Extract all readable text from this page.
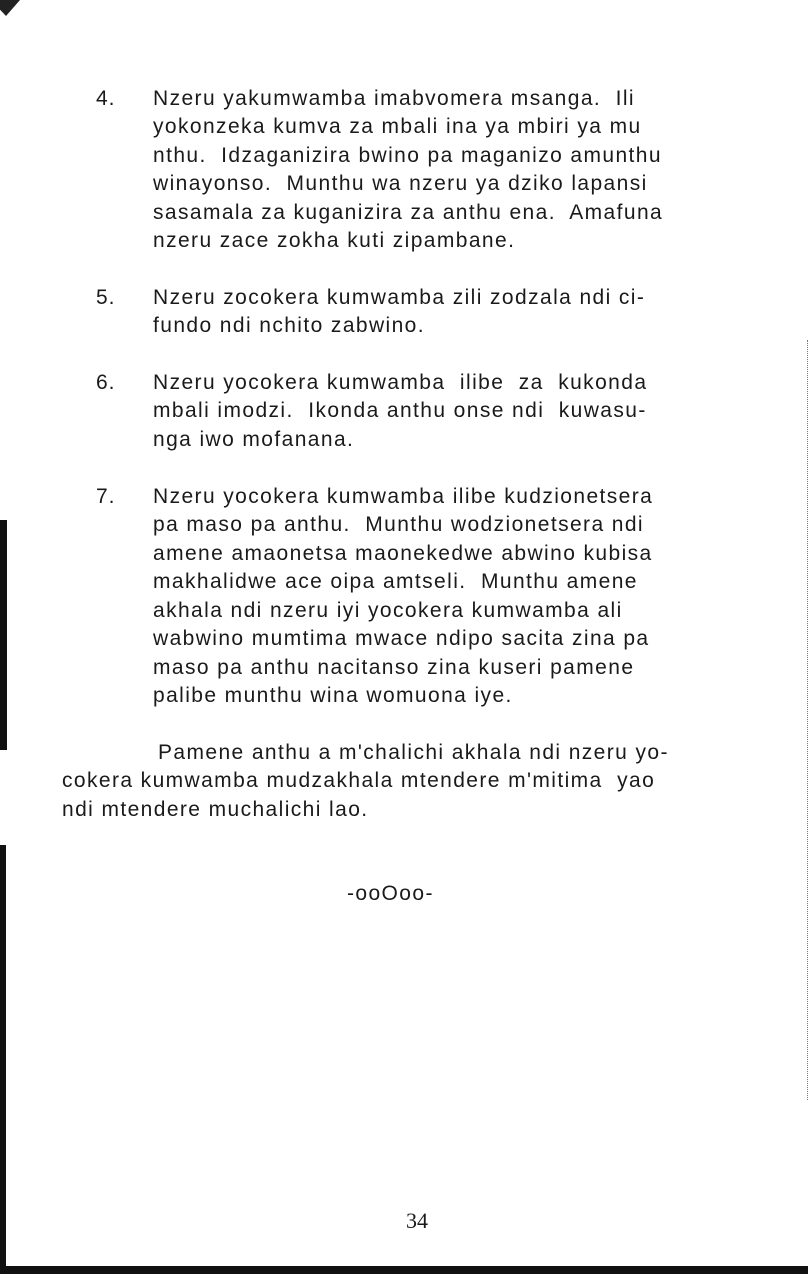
4. Nzeru yakumwamba imabvomera msanga.  Ili
yokonzeka kumva za mbali ina ya mbiri ya mu
nthu.  Idzaganizira bwino pa maganizo amunthu
winayonso.  Munthu wa nzeru ya dziko lapansi
sasamala za kuganizira za anthu ena.  Amafuna
nzeru zace zokha kuti zipambane.
5. Nzeru zocokera kumwamba zili zodzala ndi ci-
fundo ndi nchito zabwino.
6. Nzeru yocokera kumwamba  ilibe  za  kukonda
mbali imodzi.  Ikonda anthu onse ndi  kuwasu-
nga iwo mofanana.
7. Nzeru yocokera kumwamba ilibe kudzionetsera
pa maso pa anthu.  Munthu wodzionetsera ndi
amene amaonetsa maonekedwe abwino kubisa
makhalidwe ace oipa amtseli.  Munthu amene
akhala ndi nzeru iyi yocokera kumwamba ali
wabwino mumtima mwace ndipo sacita zina pa
maso pa anthu nacitanso zina kuseri pamene
palibe munthu wina womuona iye.
Pamene anthu a m'chalichi akhala ndi nzeru yo-
cokera kumwamba mudzakhala mtendere m'mitima  yao
ndi mtendere muchalichi lao.
-ooOoo-
34
